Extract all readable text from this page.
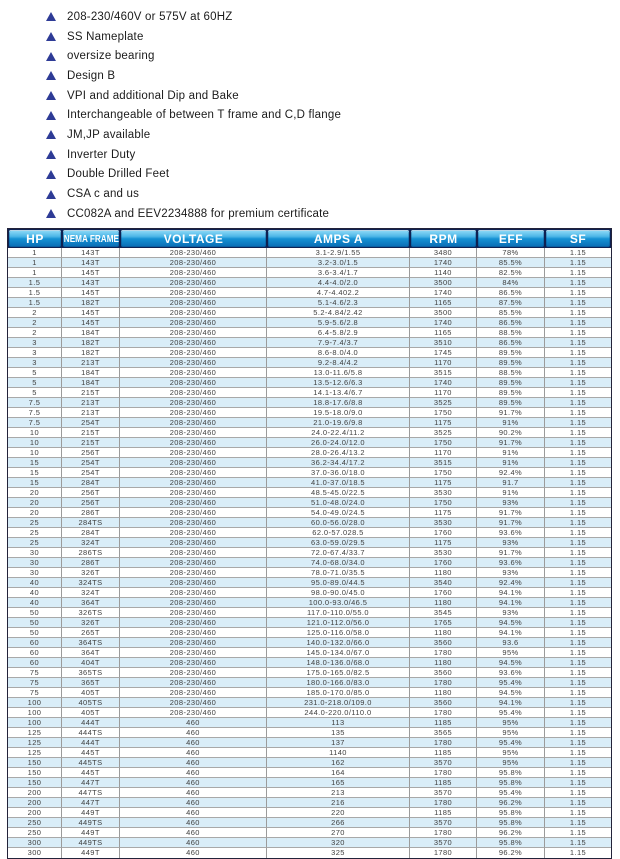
208-230/460V or 575V at 60HZ
SS Nameplate
oversize bearing
Design B
VPI and additional Dip and Bake
Interchangeable of between T frame and C,D flange
JM,JP available
Inverter Duty
Double Drilled Feet
CSA c and us
CC082A and EEV2234888 for premium certificate
HP NEMA FRAME	VOLTAGE	AMPS A	RPM	EFF	SF
1	143T	208-230/460	3.1-2.9/1.55	3480	78%	1.15
1	143T	208-230/460	3.2-3.0/1.5	1740	85.5%	1.15
1	145T	208-230/460	3.6-3.4/1.7	1140	82.5%	1.15
1.5	143T	208-230/460	4.4-4.0/2.0	3500	84%	1.15
1.5	145T	208-230/460	4.7-4.402.2	1740	86.5%	1.15
1.5	182T	208-230/460	5.1-4.6/2.3	1165	87.5%	1.15
2	145T	208-230/460	5.2-4.84/2.42	3500	85.5%	1.15
2	145T	208-230/460	5.9-5.6/2.8	1740	86.5%	1.15
2	184T	208-230/460	6.4-5.8/2.9	1165	88.5%	1.15
3	182T	208-230/460	7.9-7.4/3.7	3510	86.5%	1.15
3	182T	208-230/460	8.6-8.0/4.0	1745	89.5%	1.15
3	213T	208-230/460	9.2-8.4/4.2	1170	89.5%	1.15
5	184T	208-230/460	13.0-11.6/5.8	3515	88.5%	1.15
5	184T	208-230/460	13.5-12.6/6.3	1740	89.5%	1.15
5	215T	208-230/460	14.1-13.4/6.7	1170	89.5%	1.15
7.5	213T	208-230/460	18.8-17.6/8.8	3525	89.5%	1.15
7.5	213T	208-230/460	19.5-18.0/9.0	1750	91.7%	1.15
7.5	254T	208-230/460	21.0-19.6/9.8	1175	91%	1.15
10	215T	208-230/460	24.0-22.4/11.2	3525	90.2%	1.15
10	215T	208-230/460	26.0-24.0/12.0	1750	91.7%	1.15
10	256T	208-230/460	28.0-26.4/13.2	1170	91%	1.15
15	254T	208-230/460	36.2-34.4/17.2	3515	91%	1.15
15	254T	208-230/460	37.0-36.0/18.0	1750	92.4%	1.15
15	284T	208-230/460	41.0-37.0/18.5	1175	91.7	1.15
20	256T	208-230/460	48.5-45.0/22.5	3530	91%	1.15
20	256T	208-230/460	51.0-48.0/24.0	1750	93%	1.15
20	286T	208-230/460	54.0-49.0/24.5	1175	91.7%	1.15
25	284TS	208-230/460	60.0-56.0/28.0	3530	91.7%	1.15
25	284T	208-230/460	62.0-57.028.5	1760	93.6%	1.15
25	324T	208-230/460	63.0-59.0/29.5	1175	93%	1.15
30	286TS	208-230/460	72.0-67.4/33.7	3530	91.7%	1.15
30	286T	208-230/460	74.0-68.0/34.0	1760	93.6%	1.15
30	326T	208-230/460	78.0-71.0/35.5	1180	93%	1.15
40	324TS	208-230/460	95.0-89.0/44.5	3540	92.4%	1.15
40	324T	208-230/460	98.0-90.0/45.0	1760	94.1%	1.15
40	364T	208-230/460	100.0-93.0/46.5	1180	94.1%	1.15
50	326TS	208-230/460	117.0-110.0/55.0	3545	93%	1.15
50	326T	208-230/460	121.0-112.0/56.0	1765	94.5%	1.15
50	265T	208-230/460	125.0-116.0/58.0	1180	94.1%	1.15
60	364TS	208-230/460	140.0-132.0/66.0	3560	93.6	1.15
60	364T	208-230/460	145.0-134.0/67.0	1780	95%	1.15
60	404T	208-230/460	148.0-136.0/68.0	1180	94.5%	1.15
75	365TS	208-230/460	175.0-165.0/82.5	3560	93.6%	1.15
75	365T	208-230/460	180.0-166.0/83.0	1780	95.4%	1.15
75	405T	208-230/460	185.0-170.0/85.0	1180	94.5%	1.15
100	405TS	208-230/460	231.0-218.0/109.0	3560	94.1%	1.15
100	405T	208-230/460	244.0-220.0/110.0	1780	95.4%	1.15
100	444T	460	113	1185	95%	1.15
125	444TS	460	135	3565	95%	1.15
125	444T	460	137	1780	95.4%	1.15
125	445T	460	1140	1185	95%	1.15
150	445TS	460	162	3570	95%	1.15
150	445T	460	164	1780	95.8%	1.15
150	447T	460	165	1185	95.8%	1.15
200	447TS	460	213	3570	95.4%	1.15
200	447T	460	216	1780	96.2%	1.15
200	449T	460	220	1185	95.8%	1.15
250	449TS	460	266	3570	95.8%	1.15
250	449T	460	270	1780	96.2%	1.15
300	449TS	460	320	3570	95.8%	1.15
300	449T	460	325	1780	96.2%	1.15
